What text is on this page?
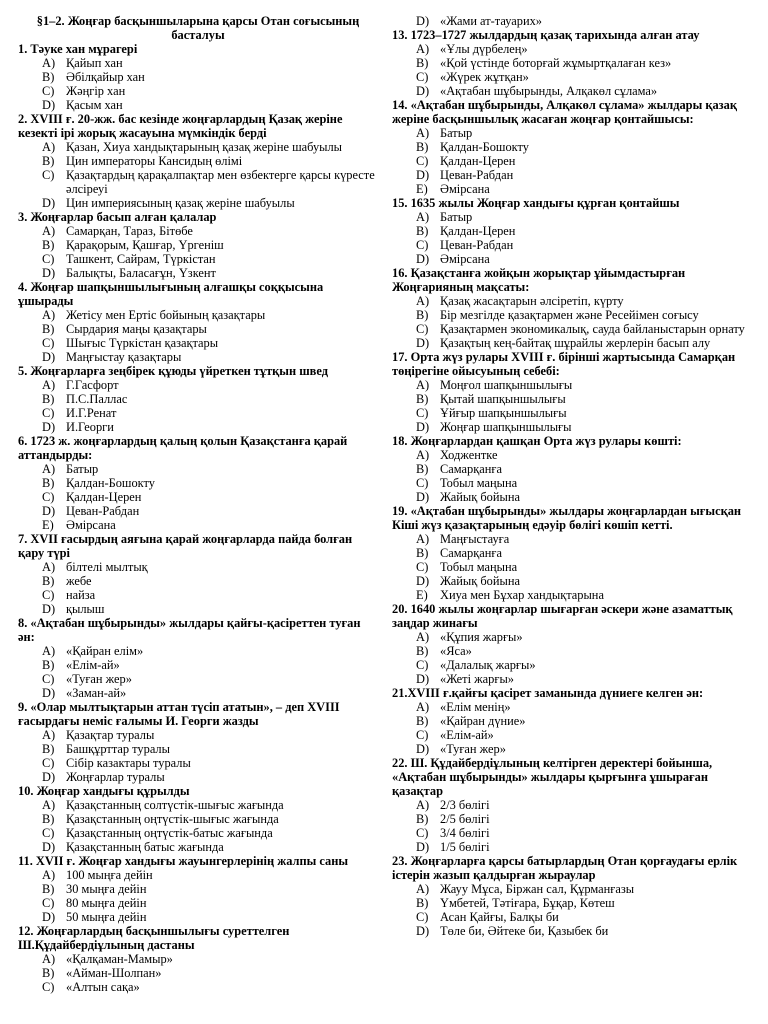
§1–2. Жоңғар басқыншыларына қарсы Отан соғысының басталуы
1. Тәуке хан мұрагері
A) Қайып хан
B) Әбілқайыр хан
C) Жәңгір хан
D) Қасым хан
2. XVIII ғ. 20-жж. бас кезінде жоңғарлардың Қазақ жеріне кезекті ірі жорық жасауына мүмкіндік берді
A) Қазан, Хиуа хандықтарының қазақ жеріне шабуылы
B) Цин императоры Кансидың өлімі
C) Қазақтардың қарақалпақтар мен өзбектерге қарсы күресте әлсіреуі
D) Цин империясының қазақ жеріне шабуылы
3. Жоңғарлар басып алған қалалар
A) Самарқан, Тараз, Бітөбе
B) Қарақорым, Қашғар, Үргеніш
C) Ташкент, Сайрам, Түркістан
D) Балықты, Баласағұн, Үзкент
4. Жоңғар шапқыншылығының алғашқы соққысына ұшырады
A) Жетісу мен Ертіс бойының қазақтары
B) Сырдария маңы қазақтары
C) Шығыс Түркістан қазақтары
D) Маңғыстау қазақтары
5. Жоңғарларға зеңбірек құюды үйреткен тұтқын швед
A) Г.Гасфорт
B) П.С.Паллас
C) И.Г.Ренат
D) И.Георги
6. 1723 ж. жоңғарлардың қалың қолын Қазақстанға қарай аттандырды:
A) Батыр
B) Қалдан-Бошокту
C) Қалдан-Церен
D) Цеван-Рабдан
E) Әмірсана
7. XVII ғасырдың аяғына қарай жоңғарларда пайда болған қару түрі
A) білтелі мылтық
B) жебе
C) найза
D) қылыш
8. «Ақтабан шұбырынды» жылдары қайғы-қасіреттен туған ән:
A) «Қайран елім»
B) «Елім-ай»
C) «Туған жер»
D) «Заман-ай»
9. «Олар мылтықтарын аттан түсіп ататын», – деп XVIII ғасырдағы неміс ғалымы И. Георги жазды
A) Қазақтар туралы
B) Башқұрттар туралы
C) Сібір казактары туралы
D) Жоңғарлар туралы
10. Жоңғар хандығы құрылды
A) Қазақстанның солтүстік-шығыс жағында
B) Қазақстанның оңтүстік-шығыс жағында
C) Қазақстанның оңтүстік-батыс жағында
D) Қазақстанның батыс жағында
11. XVII ғ. Жоңғар хандығы жауынгерлерінің жалпы саны
A) 100 мыңға дейін
B) 30 мыңға дейін
C) 80 мыңға дейін
D) 50 мыңға дейін
12. Жоңғарлардың басқыншылығы суреттелген Ш.Құдайбердіұлының дастаны
A) «Қалқаман-Мамыр»
B) «Айман-Шолпан»
C) «Алтын сақа»
D) «Жами ат-тауарих»
13. 1723–1727 жылдардың қазақ тарихында алған атау
A) «Ұлы дүрбелең»
B) «Қой үстінде боторғай жұмыртқалаған кез»
C) «Жүрек жұтқан»
D) «Ақтабан шұбырынды, Алқакөл сұлама»
14. «Ақтабан шұбырынды, Алқакөл сұлама» жылдары қазақ жеріне басқыншылық жасаған жоңғар қонтайшысы:
A) Батыр
B) Қалдан-Бошокту
C) Қалдан-Церен
D) Цеван-Рабдан
E) Әмірсана
15. 1635 жылы Жоңғар хандығы құрған қонтайшы
A) Батыр
B) Қалдан-Церен
C) Цеван-Рабдан
D) Әмірсана
16. Қазақстанға жойқын жорықтар ұйымдастырған Жоңғарияның мақсаты:
A) Қазақ жасақтарын әлсіретіп, күрту
B) Бір мезгілде қазақтармен және Ресейімен соғысу
C) Қазақтармен экономикалық, сауда байланыстарын орнату
D) Қазақтың кең-байтақ шұрайлы жерлерін басып алу
17. Орта жүз рулары XVIII ғ. бірінші жартысында Самарқан төңірегіне ойысуының себебі:
A) Моңғол шапқыншылығы
B) Қытай шапқыншылығы
C) Ұйғыр шапқыншылығы
D) Жоңғар шапқыншылығы
18. Жоңғарлардан қашқан Орта жүз рулары көшті:
A) Ходжентке
B) Самарқанға
C) Тобыл маңына
D) Жайық бойына
19. «Ақтабан шұбырынды» жылдары жоңғарлардан ығысқан Кіші жүз қазақтарының едәуір бөлігі көшіп кетті.
A) Маңғыстауға
B) Самарқанға
C) Тобыл маңына
D) Жайық бойына
E) Хиуа мен Бұхар хандықтарына
20. 1640 жылы жоңғарлар шығарған әскери және азаматтық заңдар жинағы
A) «Құпия жарғы»
B) «Яса»
C) «Далалық жарғы»
D) «Жеті жарғы»
21.XVIII ғ.қайғы қасірет заманында дүниеге келген ән:
A) «Елім менің»
B) «Қайран дүние»
C) «Елім-ай»
D) «Туған жер»
22. Ш. Құдайбердіұлының келтірген деректері бойынша, «Ақтабан шұбырынды» жылдары қырғынға ұшыраған қазақтар
A) 2/3 бөлігі
B) 2/5 бөлігі
C) 3/4 бөлігі
D) 1/5 бөлігі
23. Жоңғарларға қарсы батырлардың Отан қорғаудағы ерлік істерін жазып қалдырған жыраулар
A) Жауу Мұса, Біржан сал, Құрманғазы
B) Үмбетей, Тәтіғара, Бұқар, Көтеш
C) Асан Қайғы, Балқы би
D) Төле би, Әйтеке би, Қазыбек би
